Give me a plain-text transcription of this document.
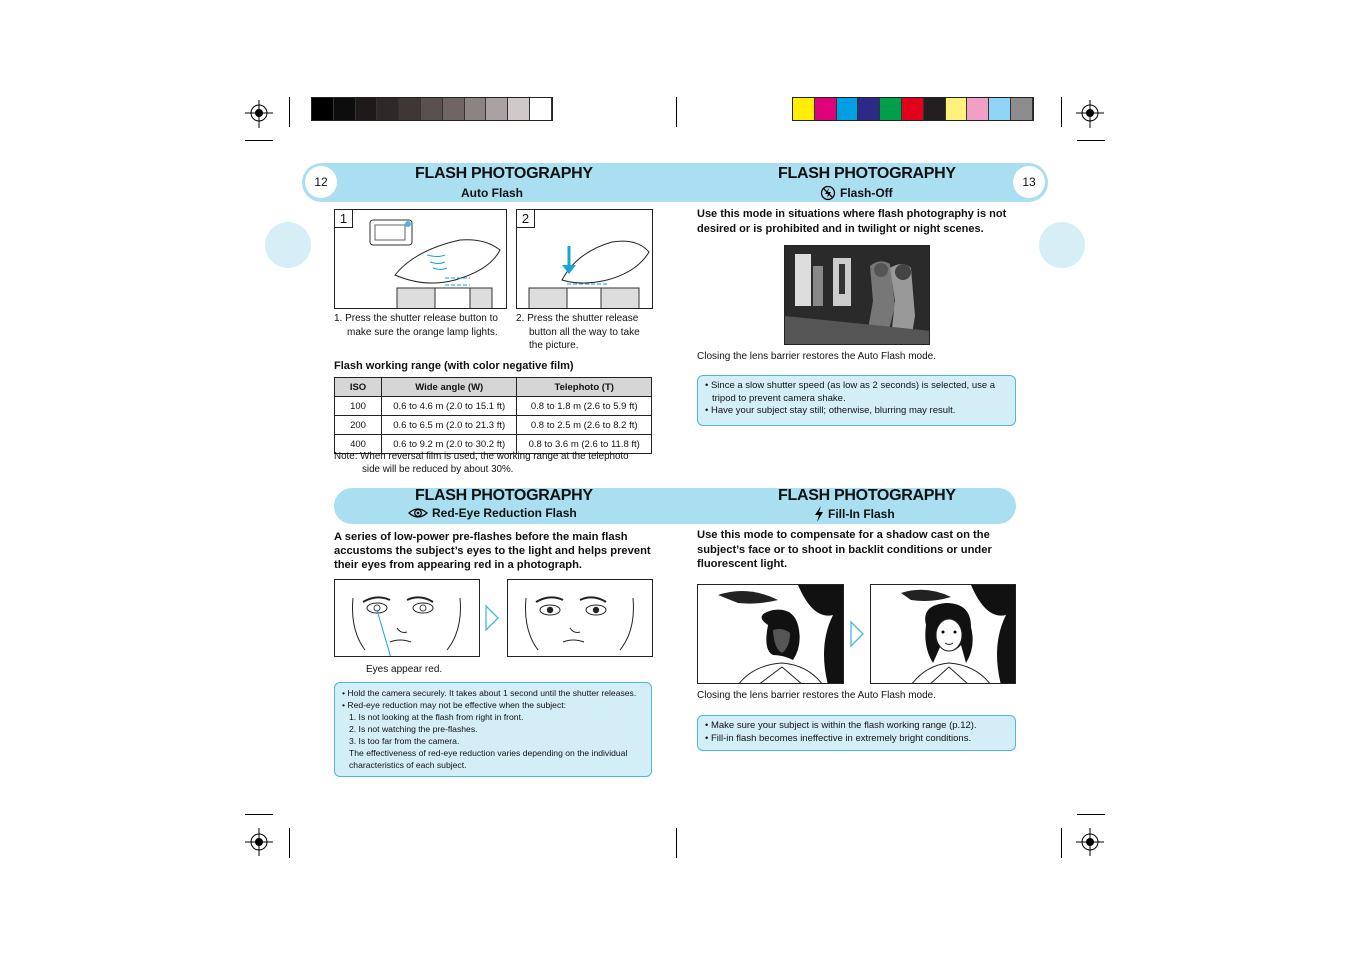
12	13
FLASH PHOTOGRAPHY
Auto Flash
FLASH PHOTOGRAPHY
Flash-Off
1	2
1. Press the shutter release button to
make sure the orange lamp lights.
2. Press the shutter release
button all the way to take
the picture.
Flash working range (with color negative film)
ISO	Wide angle (W)	Telephoto (T)
100	0.6 to 4.6 m (2.0 to 15.1 ft)	0.8 to 1.8 m (2.6 to 5.9 ft)
200	0.6 to 6.5 m (2.0 to 21.3 ft)	0.8 to 2.5 m (2.6 to 8.2 ft)
400	0.6 to 9.2 m (2.0 to 30.2 ft)	0.8 to 3.6 m (2.6 to 11.8 ft)
Note: When reversal film is used, the working range at the telephoto
side will be reduced by about 30%.
Use this mode in situations where flash photography is not
desired or is prohibited and in twilight or night scenes.
Closing the lens barrier restores the Auto Flash mode.

• Since a slow shutter speed (as low as 2 seconds) is selected, use a

tripod to prevent camera shake.

• Have your subject stay still; otherwise, blurring may result.

FLASH PHOTOGRAPHY
Red-Eye Reduction Flash
FLASH PHOTOGRAPHY
Fill-In Flash
A series of low-power pre-flashes before the main flash
accustoms the subject’s eyes to the light and helps prevent
their eyes from appearing red in a photograph.
Eyes appear red.

• Hold the camera securely. It takes about 1 second until the shutter releases.

• Red-eye reduction may not be effective when the subject:

1. Is not looking at the flash from right in front.

2. Is not watching the pre-flashes.

3. Is too far from the camera.

The effectiveness of red-eye reduction varies depending on the individual

characteristics of each subject.

Use this mode to compensate for a shadow cast on the
subject’s face or to shoot in backlit conditions or under
fluorescent light.
Closing the lens barrier restores the Auto Flash mode.

• Make sure your subject is within the flash working range (p.12).

• Fill-in flash becomes ineffective in extremely bright conditions.
